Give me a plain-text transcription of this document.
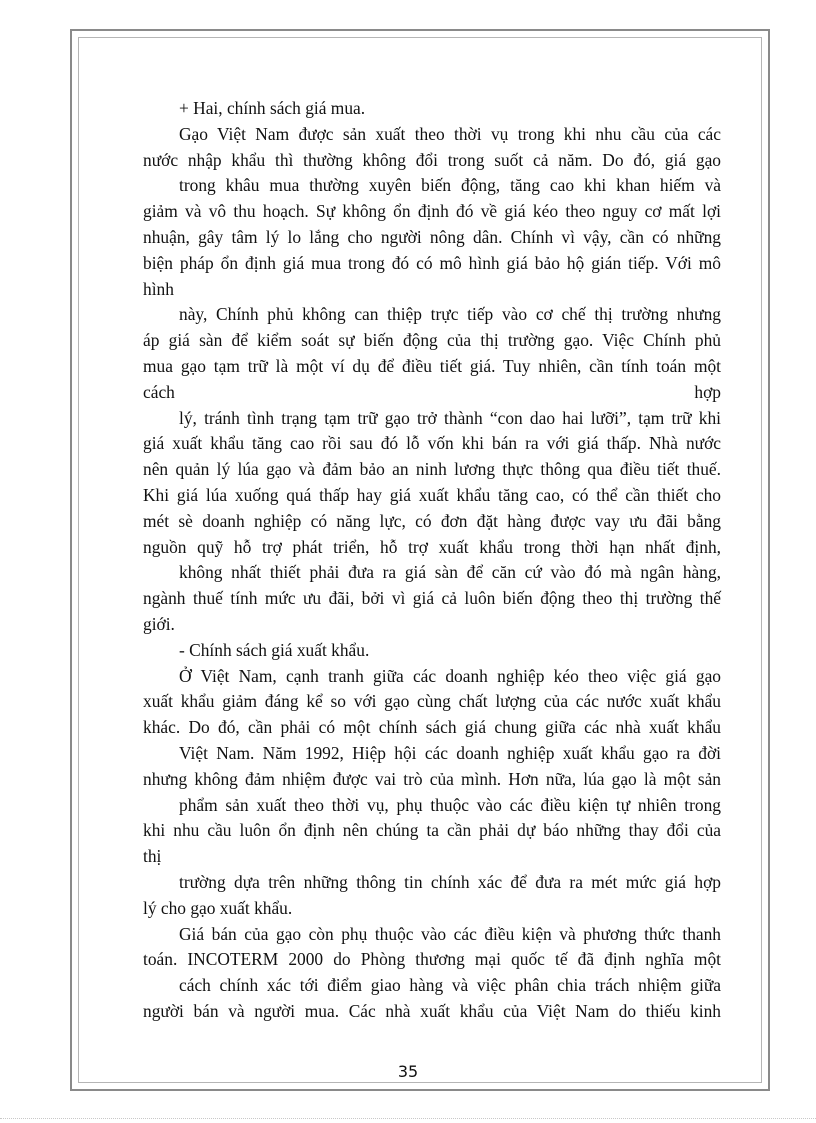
+ Hai, chính sách giá mua.
Gạo Việt Nam được sản xuất theo thời vụ trong khi nhu cầu của các
nước nhập khẩu thì thường không đổi trong suốt cả năm. Do đó, giá gạo
trong khâu mua thường xuyên biến động, tăng cao khi khan hiếm và
giảm và vô thu hoạch. Sự không ổn định đó về giá kéo theo nguy cơ mất lợi
nhuận, gây tâm lý lo lắng cho người nông dân. Chính vì vậy, cần có những
biện pháp ổn định giá mua trong đó có mô hình giá bảo hộ gián tiếp. Với mô
hình
này, Chính phủ không can thiệp trực tiếp vào cơ chế thị trường nhưng
áp giá sàn để kiểm soát sự biến động của thị trường gạo. Việc Chính phủ
mua gạo tạm trữ là một ví dụ để điều tiết giá. Tuy nhiên, cần tính toán một
cách hợp
lý, tránh tình trạng tạm trữ gạo trở thành “con dao hai lưỡi”, tạm trữ khi
giá xuất khẩu tăng cao rồi sau đó lỗ vốn khi bán ra với giá thấp. Nhà nước
nên quản lý lúa gạo và đảm bảo an ninh lương thực thông qua điều tiết thuế.
Khi giá lúa xuống quá thấp hay giá xuất khẩu tăng cao, có thể cần thiết cho
mét sè doanh nghiệp có năng lực, có đơn đặt hàng được vay ưu đãi bằng
nguồn quỹ hỗ trợ phát triển, hỗ trợ xuất khẩu trong thời hạn nhất định,
không nhất thiết phải đưa ra giá sàn để căn cứ vào đó mà ngân hàng,
ngành thuế tính mức ưu đãi, bởi vì giá cả luôn biến động theo thị trường thế
giới.
- Chính sách giá xuất khẩu.
Ở Việt Nam, cạnh tranh giữa các doanh nghiệp kéo theo việc giá gạo
xuất khẩu giảm đáng kể so với gạo cùng chất lượng của các nước xuất khẩu
khác. Do đó, cần phải có một chính sách giá chung giữa các nhà xuất khẩu
Việt Nam. Năm 1992, Hiệp hội các doanh nghiệp xuất khẩu gạo ra đời
nhưng không đảm nhiệm được vai trò của mình. Hơn nữa, lúa gạo là một sản
phẩm sản xuất theo thời vụ, phụ thuộc vào các điều kiện tự nhiên trong
khi nhu cầu luôn ổn định nên chúng ta cần phải dự báo những thay đổi của
thị
trường dựa trên những thông tin chính xác để đưa ra mét mức giá hợp
lý cho gạo xuất khẩu.
Giá bán của gạo còn phụ thuộc vào các điều kiện và phương thức thanh
toán. INCOTERM 2000 do Phòng thương mại quốc tế đã định nghĩa một
cách chính xác tới điểm giao hàng và việc phân chia trách nhiệm giữa
người bán và người mua. Các nhà xuất khẩu của Việt Nam do thiếu kinh
35
